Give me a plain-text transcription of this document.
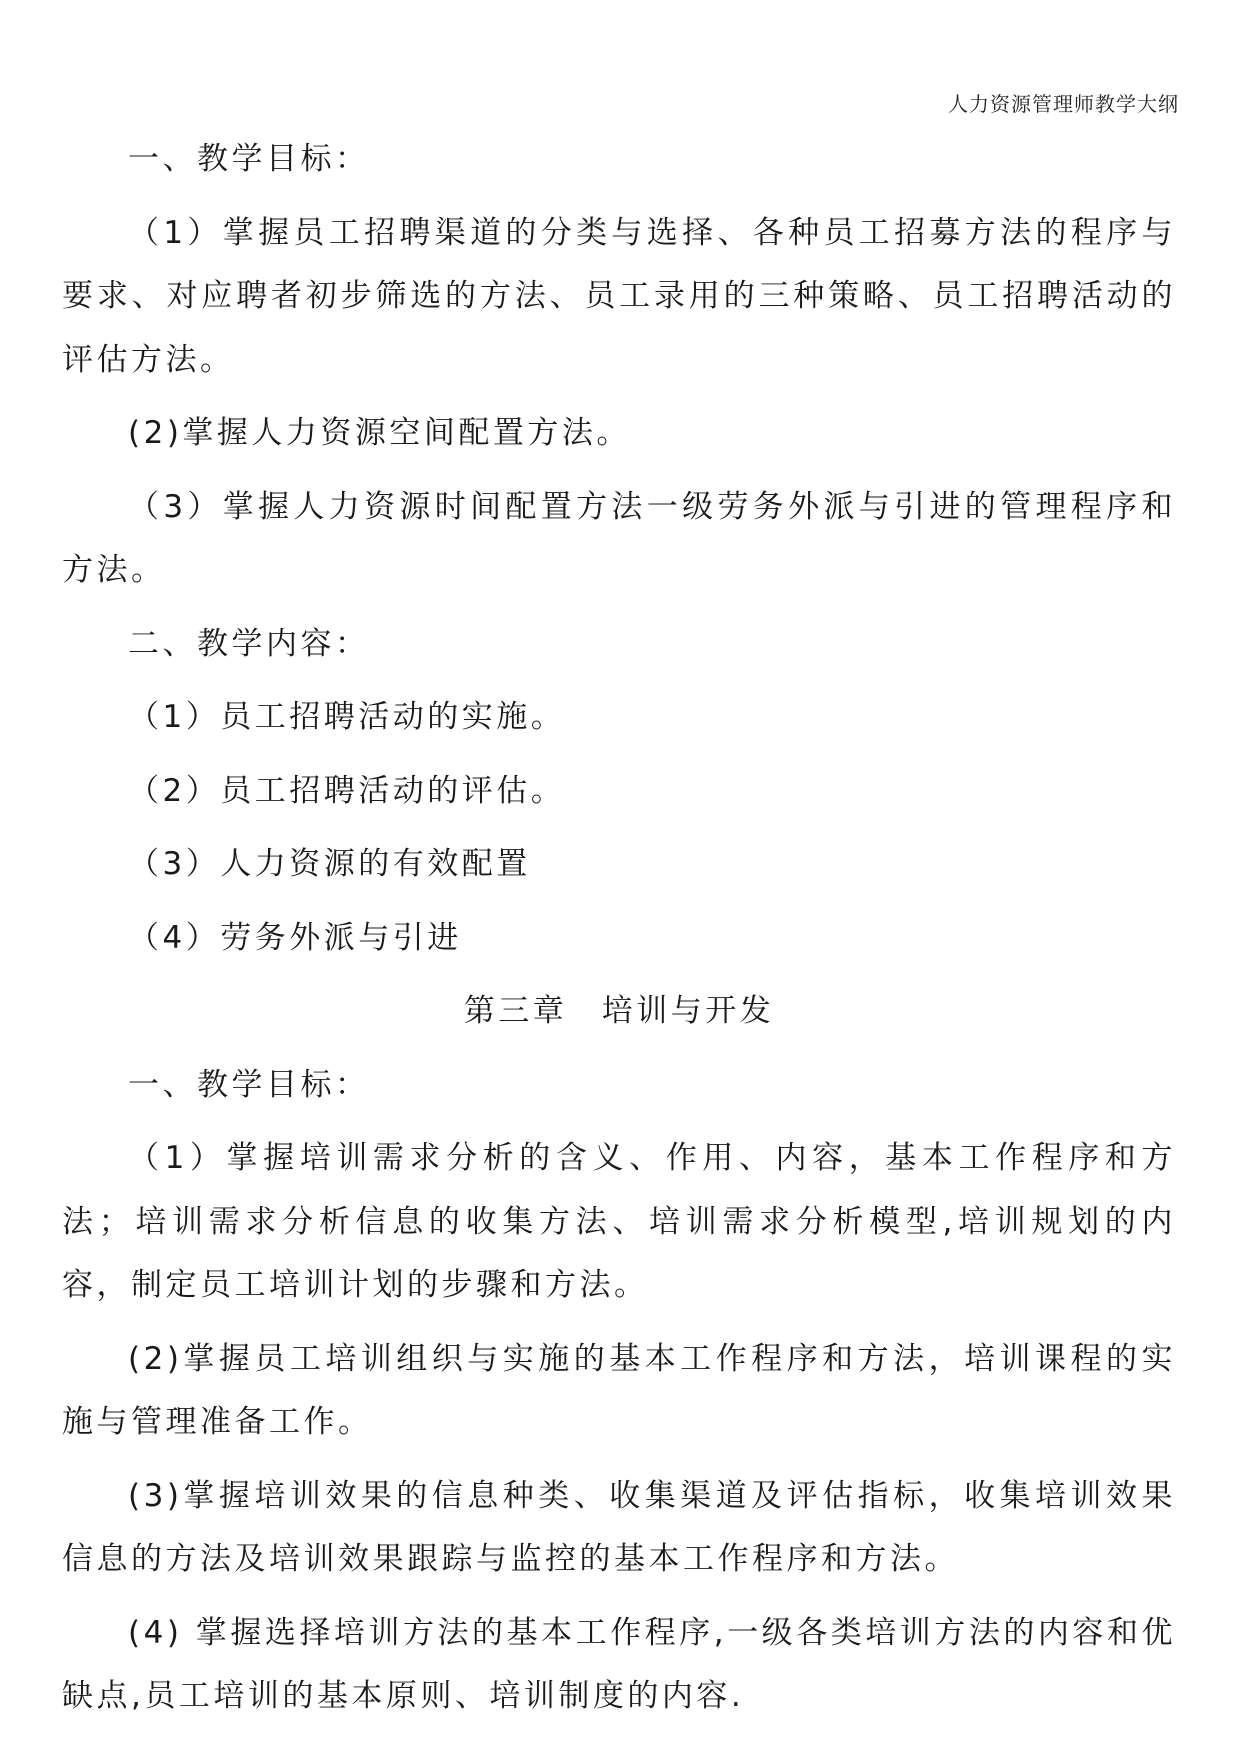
人力资源管理师教学大纲

一、教学目标：

（1）掌握员工招聘渠道的分类与选择、各种员工招募方法的程序与要求、对应聘者初步筛选的方法、员工录用的三种策略、员工招聘活动的评估方法。

(2)掌握人力资源空间配置方法。

（3）掌握人力资源时间配置方法一级劳务外派与引进的管理程序和方法。

二、教学内容：

（1）员工招聘活动的实施。

（2）员工招聘活动的评估。

（3）人力资源的有效配置

（4）劳务外派与引进

第三章　培训与开发

一、教学目标：

（1）掌握培训需求分析的含义、作用、内容，基本工作程序和方法；培训需求分析信息的收集方法、培训需求分析模型,培训规划的内容，制定员工培训计划的步骤和方法。

(2)掌握员工培训组织与实施的基本工作程序和方法，培训课程的实施与管理准备工作。

(3)掌握培训效果的信息种类、收集渠道及评估指标，收集培训效果信息的方法及培训效果跟踪与监控的基本工作程序和方法。

(4) 掌握选择培训方法的基本工作程序,一级各类培训方法的内容和优缺点,员工培训的基本原则、培训制度的内容.
